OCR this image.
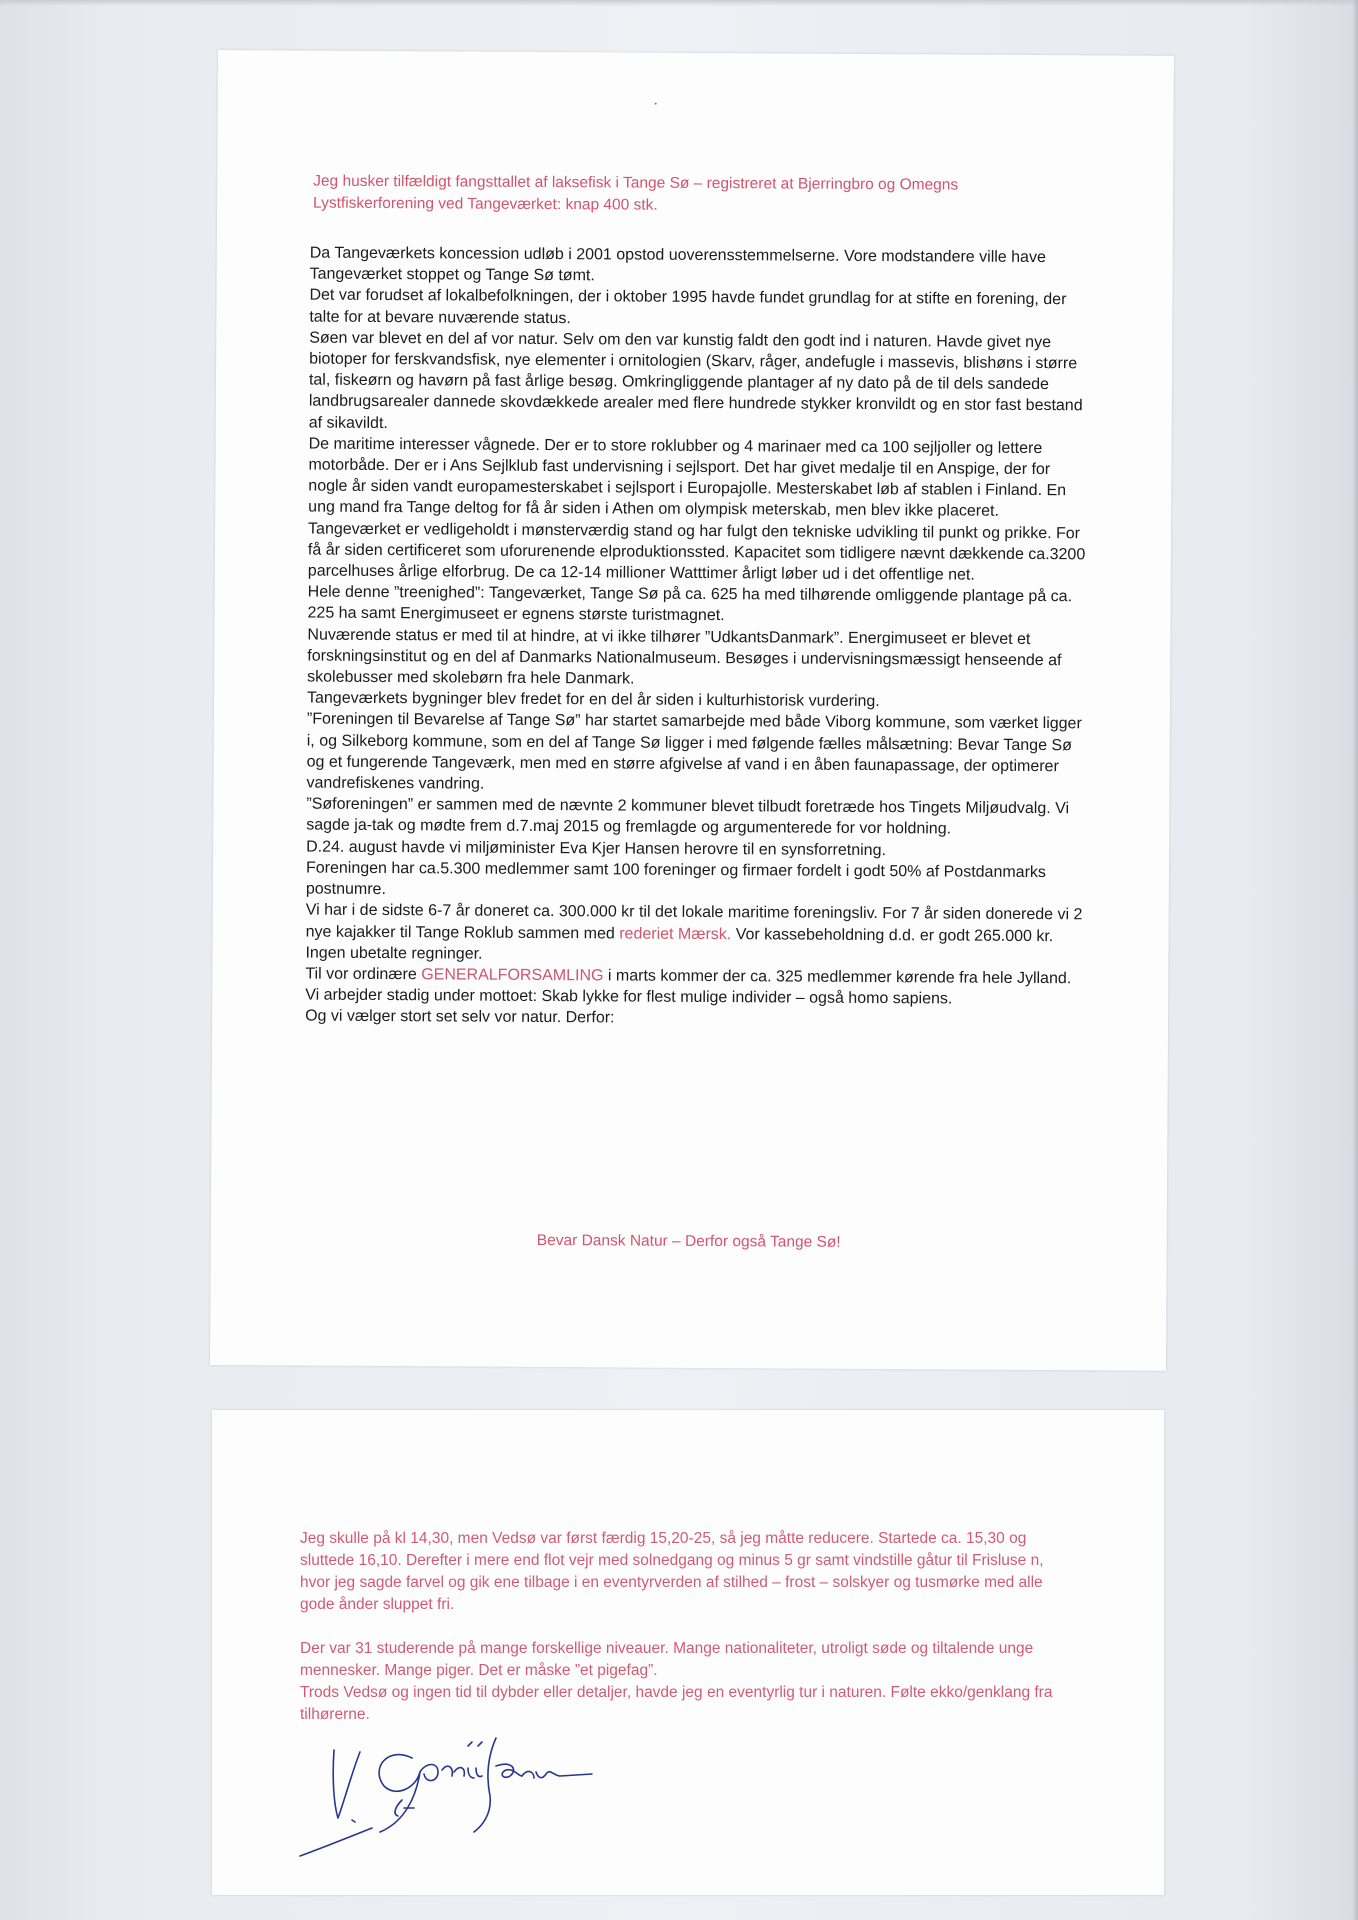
Jeg husker tilfældigt fangsttallet af laksefisk i Tange Sø – registreret at Bjerringbro og Omegns Lystfiskerforening ved Tangeværket: knap 400 stk.

Da Tangeværkets koncession udløb i 2001 opstod uoverensstemmelserne. Vore modstandere ville have Tangeværket stoppet og Tange Sø tømt.

Det var forudset af lokalbefolkningen, der i oktober 1995 havde fundet grundlag for at stifte en forening, der talte for at bevare nuværende status.

Søen var blevet en del af vor natur. Selv om den var kunstig faldt den godt ind i naturen. Havde givet nye biotoper for ferskvandsfisk, nye elementer i ornitologien (Skarv, råger, andefugle i massevis, blishøns i større tal, fiskeørn og havørn på fast årlige besøg. Omkringliggende plantager af ny dato på de til dels sandede landbrugsarealer dannede skovdækkede arealer med flere hundrede stykker kronvildt og en stor fast bestand af sikavildt.

De maritime interesser vågnede. Der er to store roklubber og 4 marinaer med ca 100 sejljoller og lettere motorbåde. Der er i Ans Sejlklub fast undervisning i sejlsport. Det har givet medalje til en Anspige, der for nogle år siden vandt europamesterskabet i sejlsport i Europajolle. Mesterskabet løb af stablen i Finland. En ung mand fra Tange deltog for få år siden i Athen om olympisk meterskab, men blev ikke placeret.

Tangeværket er vedligeholdt i mønsterværdig stand og har fulgt den tekniske udvikling til punkt og prikke. For få år siden certificeret som uforurenende elproduktionssted. Kapacitet som tidligere nævnt dækkende ca.3200 parcelhuses årlige elforbrug. De ca 12-14 millioner Watttimer årligt løber ud i det offentlige net.

Hele denne ”treenighed”: Tangeværket, Tange Sø på ca. 625 ha med tilhørende omliggende plantage på ca. 225 ha samt Energimuseet er egnens største turistmagnet.

Nuværende status er med til at hindre, at vi ikke tilhører ”UdkantsDanmark”. Energimuseet er blevet et forskningsinstitut og en del af Danmarks Nationalmuseum. Besøges i undervisningsmæssigt henseende af skolebusser med skolebørn fra hele Danmark.

Tangeværkets bygninger blev fredet for en del år siden i kulturhistorisk vurdering.

”Foreningen til Bevarelse af Tange Sø” har startet samarbejde med både Viborg kommune, som værket ligger i, og Silkeborg kommune, som en del af Tange Sø ligger i med følgende fælles målsætning: Bevar Tange Sø og et fungerende Tangeværk, men med en større afgivelse af vand i en åben faunapassage, der optimerer vandrefiskenes vandring.

”Søforeningen” er sammen med de nævnte 2 kommuner blevet tilbudt foretræde hos Tingets Miljøudvalg. Vi sagde ja-tak og mødte frem d.7.maj 2015 og fremlagde og argumenterede for vor holdning.

D.24. august havde vi miljøminister Eva Kjer Hansen herovre til en synsforretning.

Foreningen har ca.5.300 medlemmer samt 100 foreninger og firmaer fordelt i godt 50% af Postdanmarks postnumre.

Vi har i de sidste 6-7 år doneret ca. 300.000 kr til det lokale maritime foreningsliv. For 7 år siden donerede vi 2 nye kajakker til Tange Roklub sammen med rederiet Mærsk. Vor kassebeholdning d.d. er godt 265.000 kr. Ingen ubetalte regninger.

Til vor ordinære GENERALFORSAMLING i marts kommer der ca. 325 medlemmer kørende fra hele Jylland.

Vi arbejder stadig under mottoet: Skab lykke for flest mulige individer – også homo sapiens.

Og vi vælger stort set selv vor natur. Derfor:

Bevar Dansk Natur – Derfor også Tange Sø!

Jeg skulle på kl 14,30, men Vedsø var først færdig 15,20-25, så jeg måtte reducere. Startede ca. 15,30 og sluttede 16,10. Derefter i mere end flot vejr med solnedgang og minus 5 gr samt vindstille gåtur til Frisluse n, hvor jeg sagde farvel og gik ene tilbage i en eventyrverden af stilhed – frost – solskyer og tusmørke med alle gode ånder sluppet fri.

Der var 31 studerende på mange forskellige niveauer. Mange nationaliteter, utroligt søde og tiltalende unge mennesker. Mange piger. Det er måske ”et pigefag”.
Trods Vedsø og ingen tid til dybder eller detaljer, havde jeg en eventyrlig tur i naturen. Følte ekko/genklang fra tilhørerne.
